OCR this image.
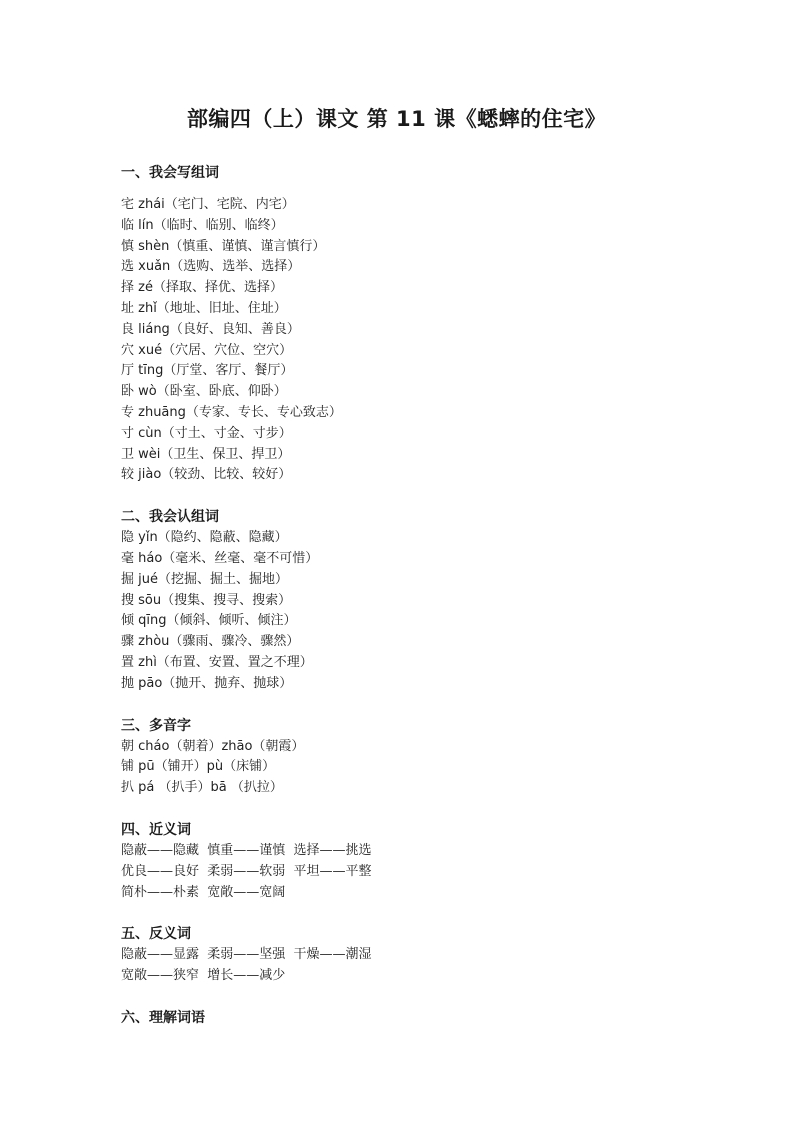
部编四（上）课文 第 11 课《蟋蟀的住宅》
一、我会写组词
宅 zhái（宅门、宅院、内宅）
临 lín（临时、临别、临终）
慎 shèn（慎重、谨慎、谨言慎行）
选 xuǎn（选购、选举、选择）
择 zé（择取、择优、选择）
址 zhǐ（地址、旧址、住址）
良 liáng（良好、良知、善良）
穴 xué（穴居、穴位、空穴）
厅 tīng（厅堂、客厅、餐厅）
卧 wò（卧室、卧底、仰卧）
专 zhuāng（专家、专长、专心致志）
寸 cùn（寸土、寸金、寸步）
卫 wèi（卫生、保卫、捍卫）
较 jiào（较劲、比较、较好）
二、我会认组词
隐 yǐn（隐约、隐蔽、隐藏）
毫 háo（毫米、丝毫、毫不可惜）
掘 jué（挖掘、掘土、掘地）
搜 sōu（搜集、搜寻、搜索）
倾 qīng（倾斜、倾听、倾注）
骤 zhòu（骤雨、骤冷、骤然）
置 zhì（布置、安置、置之不理）
抛 pāo（抛开、抛弃、抛球）
三、多音字
朝 cháo（朝着）zhāo（朝霞）
铺 pū（铺开）pù（床铺）
扒 pá （扒手）bā （扒拉）
四、近义词
隐蔽——隐藏  慎重——谨慎  选择——挑选
优良——良好  柔弱——软弱  平坦——平整
简朴——朴素  宽敞——宽阔
五、反义词
隐蔽——显露  柔弱——坚强  干燥——潮湿
宽敞——狭窄  增长——减少
六、理解词语
